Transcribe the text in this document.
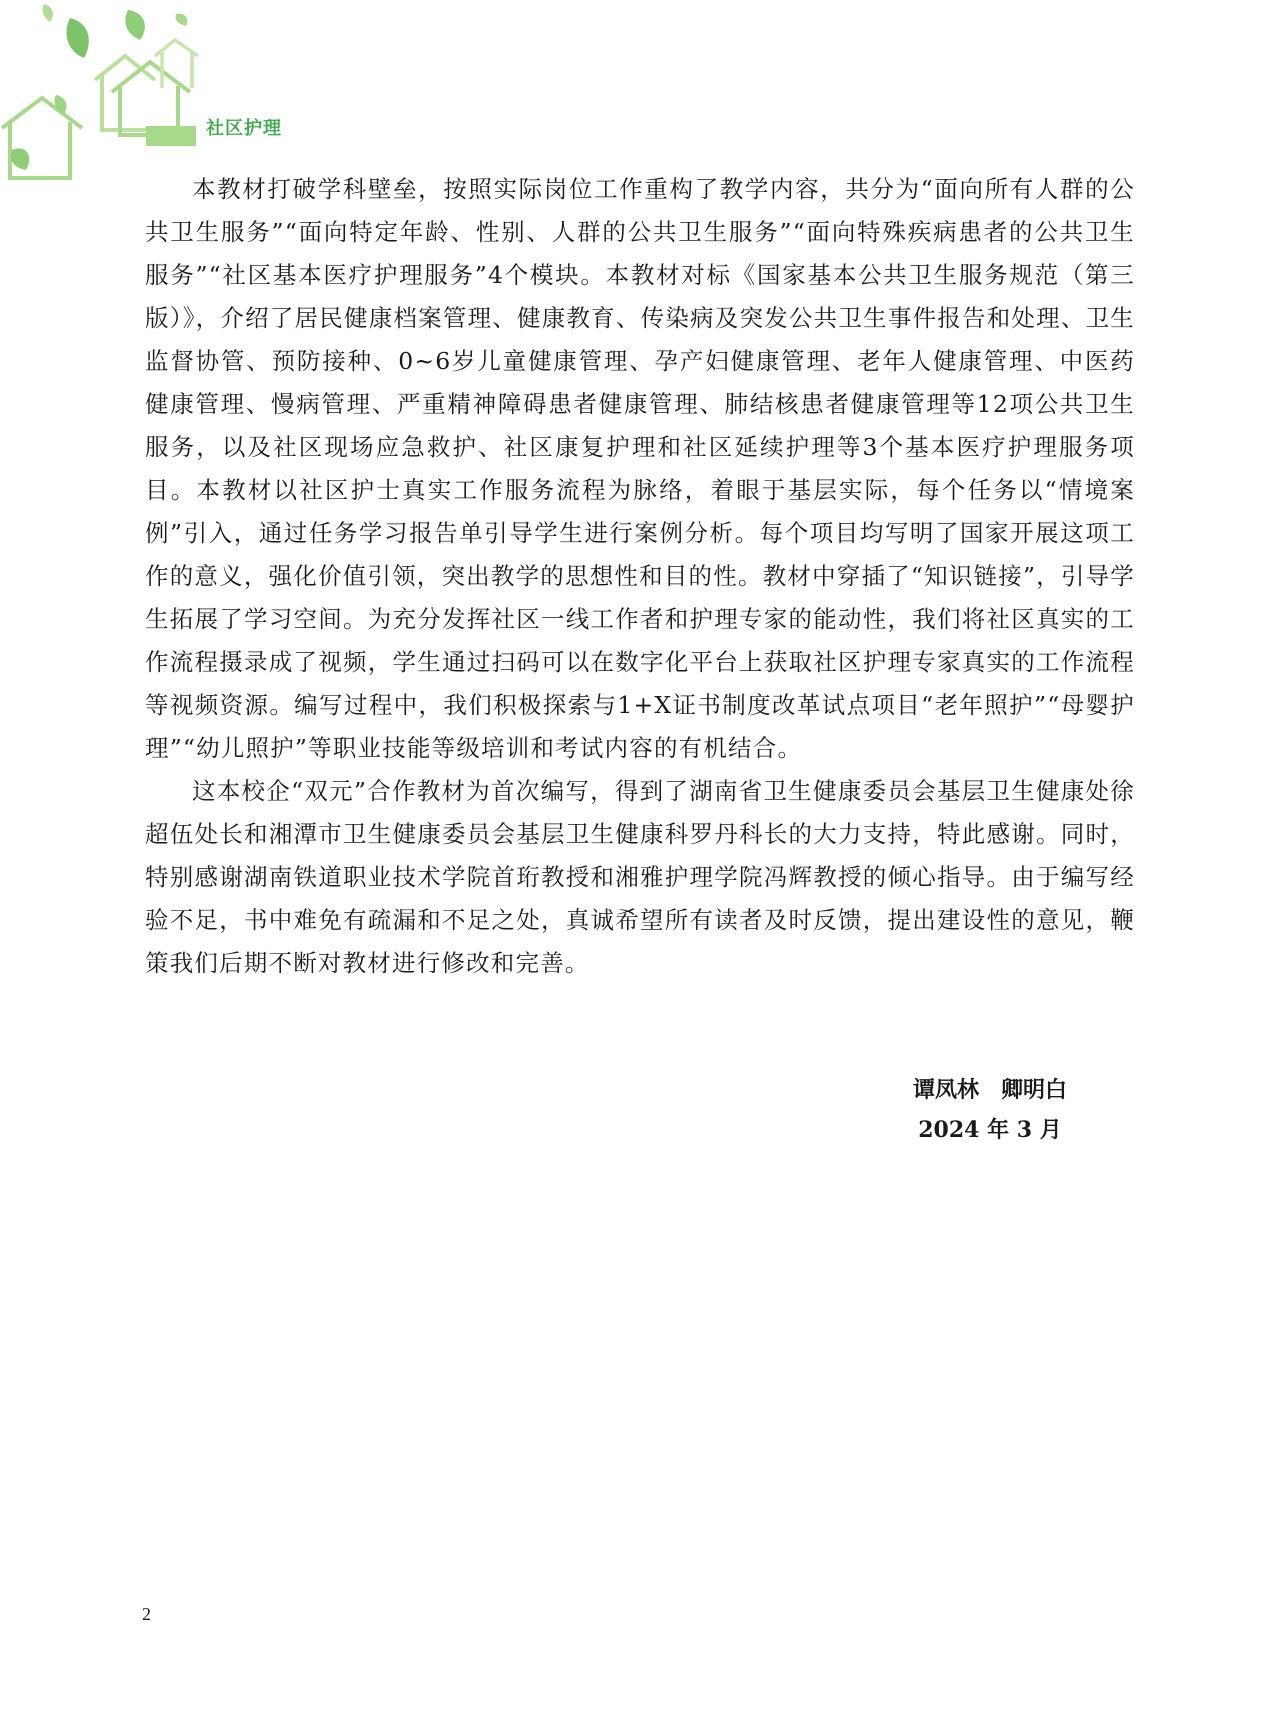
社区护理

本教材打破学科壁垒，按照实际岗位工作重构了教学内容，共分为“面向所有人群的公共卫生服务”“面向特定年龄、性别、人群的公共卫生服务”“面向特殊疾病患者的公共卫生服务”“社区基本医疗护理服务”4个模块。本教材对标《国家基本公共卫生服务规范（第三版）》，介绍了居民健康档案管理、健康教育、传染病及突发公共卫生事件报告和处理、卫生监督协管、预防接种、0~6岁儿童健康管理、孕产妇健康管理、老年人健康管理、中医药健康管理、慢病管理、严重精神障碍患者健康管理、肺结核患者健康管理等12项公共卫生服务，以及社区现场应急救护、社区康复护理和社区延续护理等3个基本医疗护理服务项目。本教材以社区护士真实工作服务流程为脉络，着眼于基层实际，每个任务以“情境案例”引入，通过任务学习报告单引导学生进行案例分析。每个项目均写明了国家开展这项工作的意义，强化价值引领，突出教学的思想性和目的性。教材中穿插了“知识链接”，引导学生拓展了学习空间。为充分发挥社区一线工作者和护理专家的能动性，我们将社区真实的工作流程摄录成了视频，学生通过扫码可以在数字化平台上获取社区护理专家真实的工作流程等视频资源。编写过程中，我们积极探索与1+X证书制度改革试点项目“老年照护”“母婴护理”“幼儿照护”等职业技能等级培训和考试内容的有机结合。

这本校企“双元”合作教材为首次编写，得到了湖南省卫生健康委员会基层卫生健康处徐超伍处长和湘潭市卫生健康委员会基层卫生健康科罗丹科长的大力支持，特此感谢。同时，特别感谢湖南铁道职业技术学院首珩教授和湘雅护理学院冯辉教授的倾心指导。由于编写经验不足，书中难免有疏漏和不足之处，真诚希望所有读者及时反馈，提出建设性的意见，鞭策我们后期不断对教材进行修改和完善。

谭凤林　卿明白
2024 年 3 月
2
